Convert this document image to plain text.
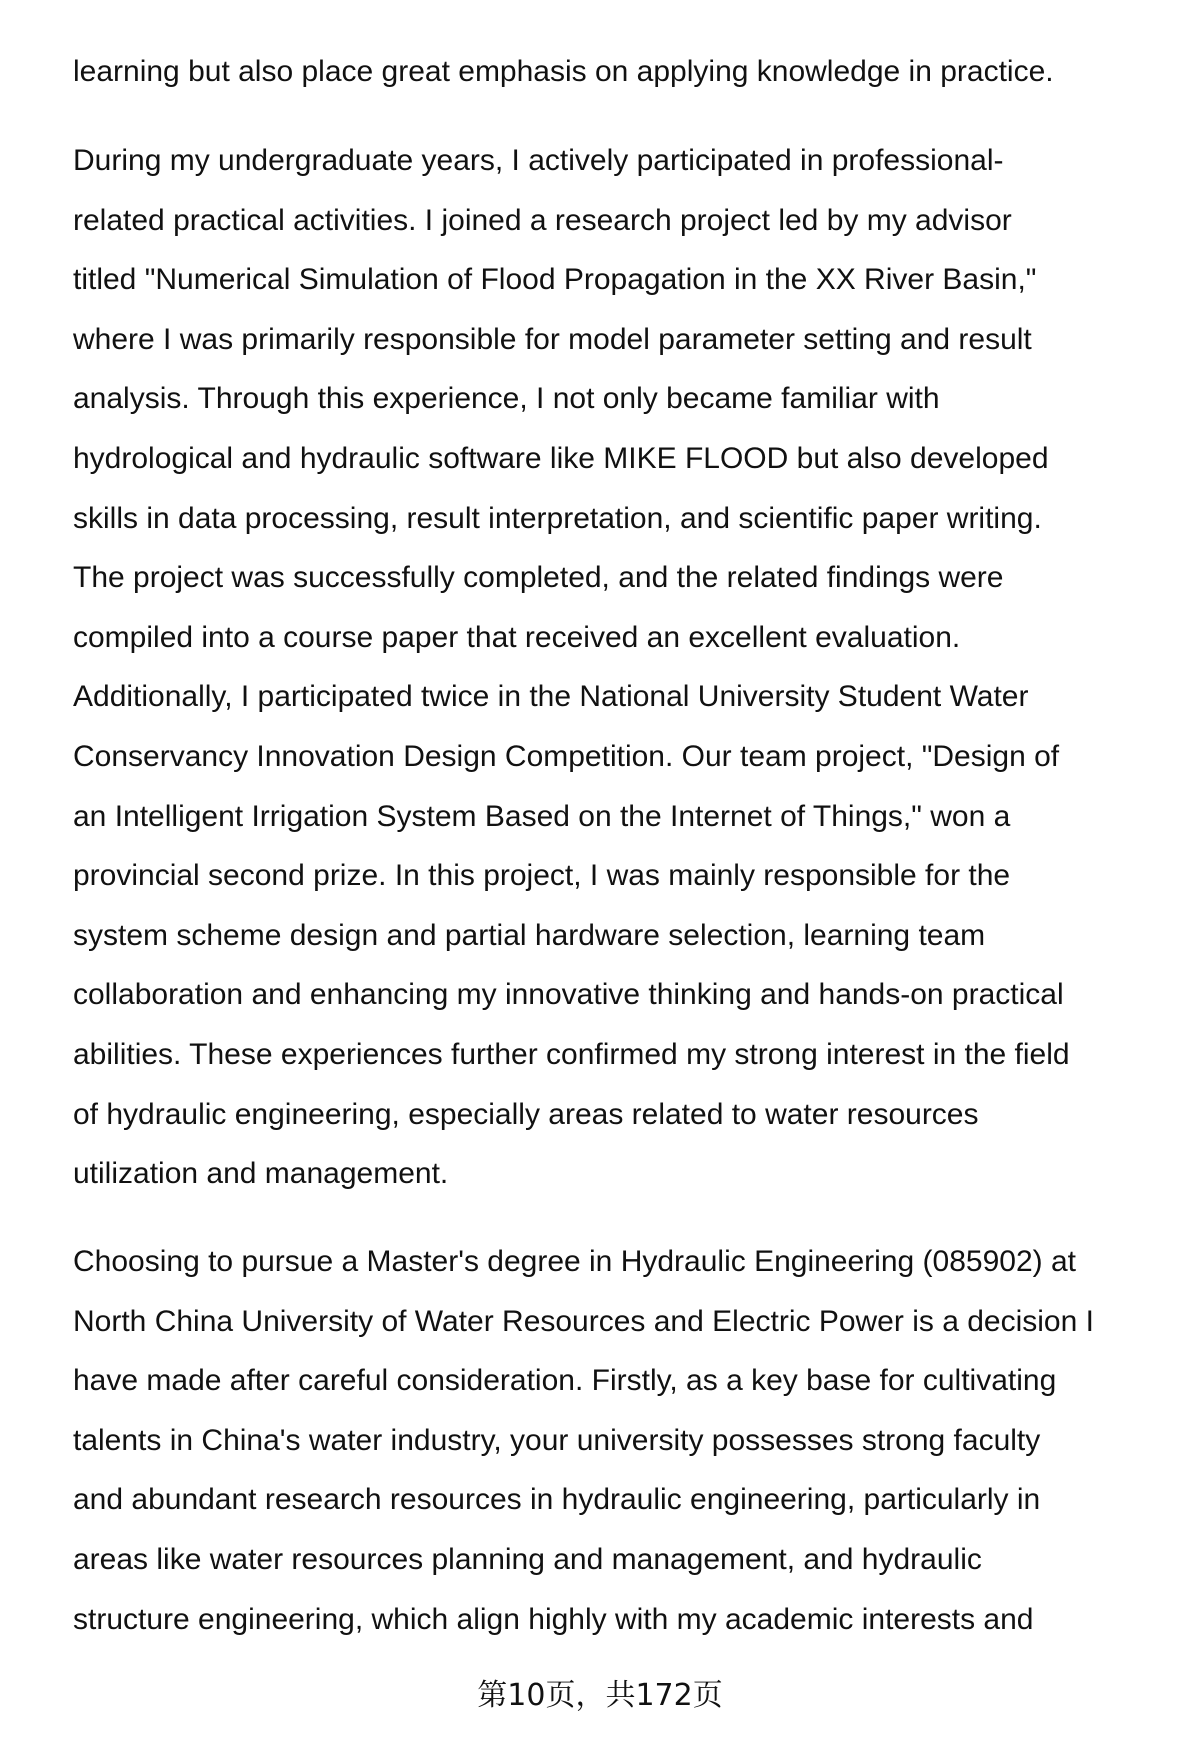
learning but also place great emphasis on applying knowledge in practice.
During my undergraduate years, I actively participated in professional-
related practical activities. I joined a research project led by my advisor
titled "Numerical Simulation of Flood Propagation in the XX River Basin,"
where I was primarily responsible for model parameter setting and result
analysis. Through this experience, I not only became familiar with
hydrological and hydraulic software like MIKE FLOOD but also developed
skills in data processing, result interpretation, and scientific paper writing.
The project was successfully completed, and the related findings were
compiled into a course paper that received an excellent evaluation.
Additionally, I participated twice in the National University Student Water
Conservancy Innovation Design Competition. Our team project, "Design of
an Intelligent Irrigation System Based on the Internet of Things," won a
provincial second prize. In this project, I was mainly responsible for the
system scheme design and partial hardware selection, learning team
collaboration and enhancing my innovative thinking and hands-on practical
abilities. These experiences further confirmed my strong interest in the field
of hydraulic engineering, especially areas related to water resources
utilization and management.
Choosing to pursue a Master's degree in Hydraulic Engineering (085902) at
North China University of Water Resources and Electric Power is a decision I
have made after careful consideration. Firstly, as a key base for cultivating
talents in China's water industry, your university possesses strong faculty
and abundant research resources in hydraulic engineering, particularly in
areas like water resources planning and management, and hydraulic
structure engineering, which align highly with my academic interests and
第10页，共172页
